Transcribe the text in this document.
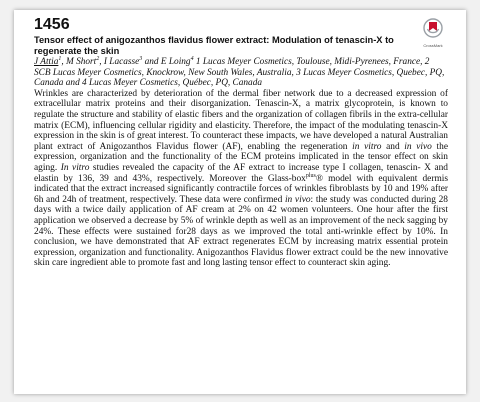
1456

Tensor effect of anigozanthos flavidus flower extract: Modulation of tenascin-X to regenerate the skin

CrossMark

J Attia$^1$, M Short$^2$, I Lacasse$^3$ and E Loing$^4$ 1 Lucas Meyer Cosmetics, Toulouse, Midi-Pyrenees, France, 2 SCB Lucas Meyer Cosmetics, Knockrow, New South Wales, Australia, 3 Lucas Meyer Cosmetics, Quebec, PQ, Canada and 4 Lucas Meyer Cosmetics, Québec, PQ, Canada

Wrinkles are characterized by deterioration of the dermal fiber network due to a decreased expression of extracellular matrix proteins and their disorganization. Tenascin-X, a matrix glycoprotein, is known to regulate the structure and stability of elastic fibers and the organization of collagen fibrils in the extra-cellular matrix (ECM), influencing cellular rigidity and elasticity. Therefore, the impact of the modulating tenascin-X expression in the skin is of great interest. To counteract these impacts, we have developed a natural Australian plant extract of Anigozanthos Flavidus flower (AF), enabling the regeneration in vitro and in vivo the expression, organization and the functionality of the ECM proteins implicated in the tensor effect on skin aging. In vitro studies revealed the capacity of the AF extract to increase type I collagen, tenascin- X and elastin by 136, 39 and 43%, respectively. Moreover the Glass-box$^{plus}$® model with equivalent dermis indicated that the extract increased significantly contractile forces of wrinkles fibroblasts by 10 and 19% after 6h and 24h of treatment, respectively. These data were confirmed in vivo: the study was conducted during 28 days with a twice daily application of AF cream at 2% on 42 women volunteers. One hour after the first application we observed a decrease by 5% of wrinkle depth as well as an improvement of the neck sagging by 24%. These effects were sustained for28 days as we improved the total anti-wrinkle effect by 10%. In conclusion, we have demonstrated that AF extract regenerates ECM by increasing matrix essential protein expression, organization and functionality. Anigozanthos Flavidus flower extract could be the new innovative skin care ingredient able to promote fast and long lasting tensor effect to counteract skin aging.
